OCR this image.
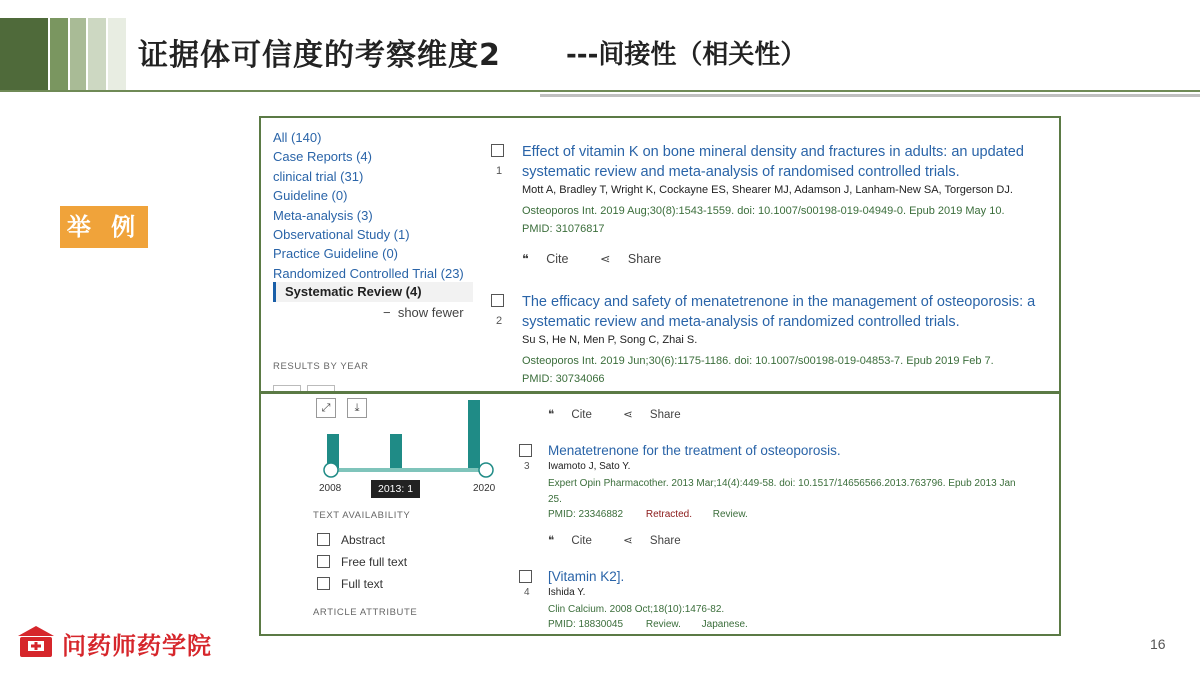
证据体可信度的考察维度2	---间接性（相关性）
举 例
All (140)
Case Reports (4)
clinical trial (31)
Guideline (0)
Meta-analysis (3)
Observational Study (1)
Practice Guideline (0)
Randomized Controlled Trial (23)
Systematic Review (4)
− show fewer
RESULTS BY YEAR
1
Effect of vitamin K on bone mineral density and fractures in adults: an updated
systematic review and meta-analysis of randomised controlled trials.
Mott A, Bradley T, Wright K, Cockayne ES, Shearer MJ, Adamson J, Lanham-New SA, Torgerson DJ.
Osteoporos Int. 2019 Aug;30(8):1543-1559. doi: 10.1007/s00198-019-04949-0. Epub 2019 May 10.
PMID: 31076817
❝ Cite	⋖ Share
2
The efficacy and safety of menatetrenone in the management of osteoporosis: a
systematic review and meta-analysis of randomized controlled trials.
Su S, He N, Men P, Song C, Zhai S.
Osteoporos Int. 2019 Jun;30(6):1175-1186. doi: 10.1007/s00198-019-04853-7. Epub 2019 Feb 7.
PMID: 30734066
⤢	⤓
2008	2020
2013: 1
TEXT AVAILABILITY
Abstract
Free full text
Full text
ARTICLE ATTRIBUTE
❝ Cite	⋖ Share
3
Menatetrenone for the treatment of osteoporosis.
Iwamoto J, Sato Y.
Expert Opin Pharmacother. 2013 Mar;14(4):449-58. doi: 10.1517/14656566.2013.763796. Epub 2013 Jan
25.
PMID: 23346882 Retracted. Review.
❝ Cite	⋖ Share
4
[Vitamin K2].
Ishida Y.
Clin Calcium. 2008 Oct;18(10):1476-82.
PMID: 18830045 Review. Japanese.
问药师药学院	16
